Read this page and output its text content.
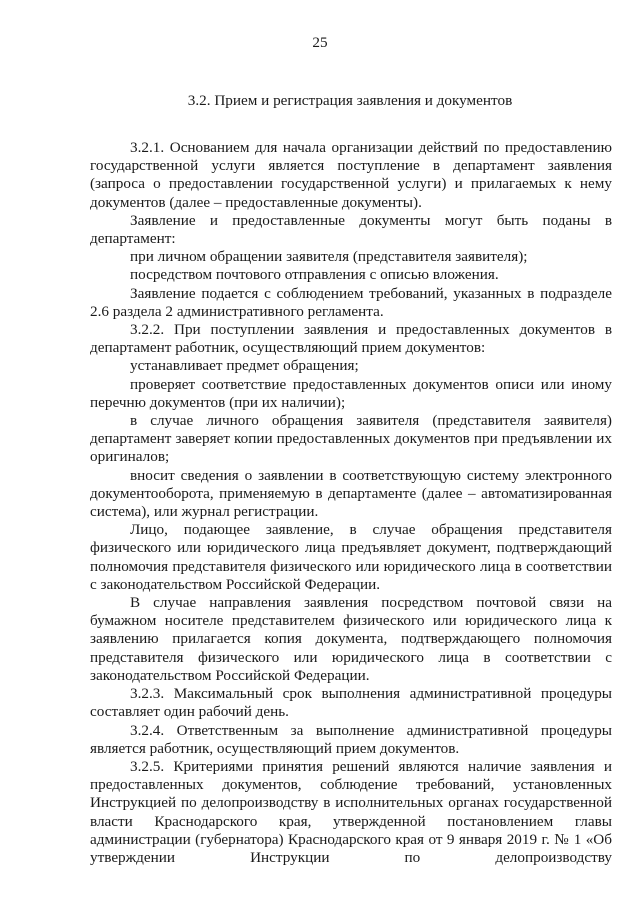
25
3.2. Прием и регистрация заявления и документов

3.2.1. Основанием для начала организации действий по предоставлению государственной услуги является поступление в департамент заявления (запроса о предоставлении государственной услуги) и прилагаемых к нему документов (далее – предоставленные документы).

Заявление и предоставленные документы могут быть поданы в департамент:

при личном обращении заявителя (представителя заявителя);

посредством почтового отправления с описью вложения.

Заявление подается с соблюдением требований, указанных в подразделе 2.6 раздела 2 административного регламента.

3.2.2. При поступлении заявления и предоставленных документов в департамент работник, осуществляющий прием документов:

устанавливает предмет обращения;

проверяет соответствие предоставленных документов описи или иному перечню документов (при их наличии);

в случае личного обращения заявителя (представителя заявителя) департамент заверяет копии предоставленных документов при предъявлении их оригиналов;

вносит сведения о заявлении в соответствующую систему электронного документооборота, применяемую в департаменте (далее – автоматизированная система), или журнал регистрации.

Лицо, подающее заявление, в случае обращения представителя физического или юридического лица предъявляет документ, подтверждающий полномочия представителя физического или юридического лица в соответствии с законодательством Российской Федерации.

В случае направления заявления посредством почтовой связи на бумажном носителе представителем физического или юридического лица к заявлению прилагается копия документа, подтверждающего полномочия представителя физического или юридического лица в соответствии с законодательством Российской Федерации.

3.2.3. Максимальный срок выполнения административной процедуры составляет один рабочий день.

3.2.4. Ответственным за выполнение административной процедуры является работник, осуществляющий прием документов.

3.2.5. Критериями принятия решений являются наличие заявления и предоставленных документов, соблюдение требований, установленных Инструкцией по делопроизводству в исполнительных органах государственной власти Краснодарского края, утвержденной постановлением главы администрации (губернатора) Краснодарского края от 9 января 2019 г. № 1 «Об утверждении Инструкции по делопроизводству
